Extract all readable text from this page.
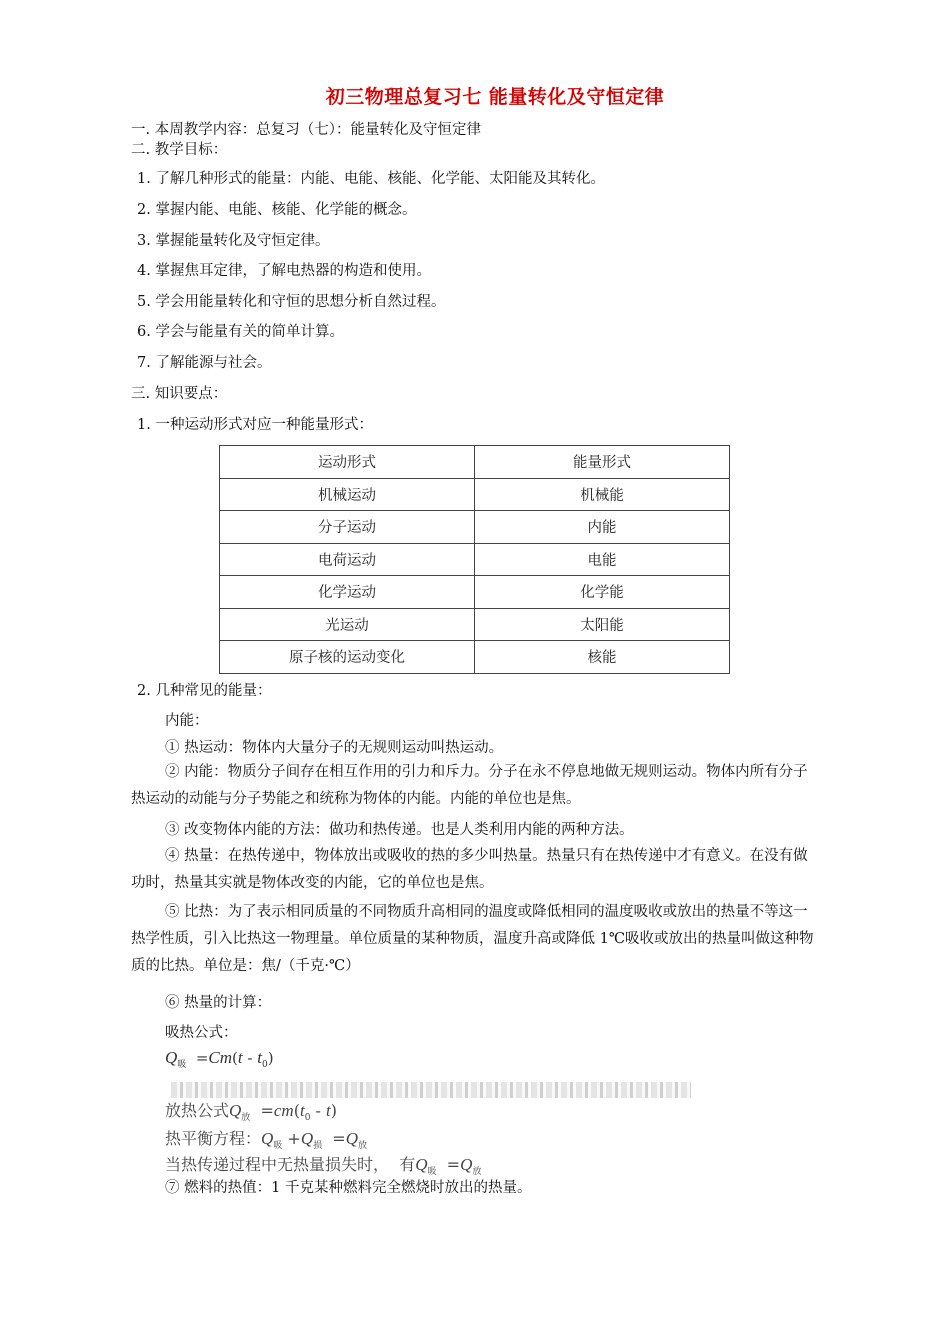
初三物理总复习七 能量转化及守恒定律
一. 本周教学内容：总复习（七）：能量转化及守恒定律
二. 教学目标：
1. 了解几种形式的能量：内能、电能、核能、化学能、太阳能及其转化。
2. 掌握内能、电能、核能、化学能的概念。
3. 掌握能量转化及守恒定律。
4. 掌握焦耳定律，了解电热器的构造和使用。
5. 学会用能量转化和守恒的思想分析自然过程。
6. 学会与能量有关的简单计算。
7. 了解能源与社会。
三. 知识要点：
1. 一种运动形式对应一种能量形式：
运动形式	能量形式
机械运动	机械能
分子运动	内能
电荷运动	电能
化学运动	化学能
光运动	太阳能
原子核的运动变化	核能
2. 几种常见的能量：
内能：
① 热运动：物体内大量分子的无规则运动叫热运动。
② 内能：物质分子间存在相互作用的引力和斥力。分子在永不停息地做无规则运动。物体内所有分子热运动的动能与分子势能之和统称为物体的内能。内能的单位也是焦。
③ 改变物体内能的方法：做功和热传递。也是人类利用内能的两种方法。
④ 热量：在热传递中，物体放出或吸收的热的多少叫热量。热量只有在热传递中才有意义。在没有做功时，热量其实就是物体改变的内能，它的单位也是焦。
⑤ 比热：为了表示相同质量的不同物质升高相同的温度或降低相同的温度吸收或放出的热量不等这一热学性质，引入比热这一物理量。单位质量的某种物质，温度升高或降低 1℃吸收或放出的热量叫做这种物质的比热。单位是：焦/（千克·℃）
⑥ 热量的计算：
吸热公式：
$Q_吸 =Cm(t - t_0)$
放热公式$Q_放 =cm(t_0 - t)$
热平衡方程：$Q_吸 +Q_损 =Q_放$
当热传递过程中无热量损失时， 有$Q_吸 =Q_放$
⑦ 燃料的热值：1 千克某种燃料完全燃烧时放出的热量。
